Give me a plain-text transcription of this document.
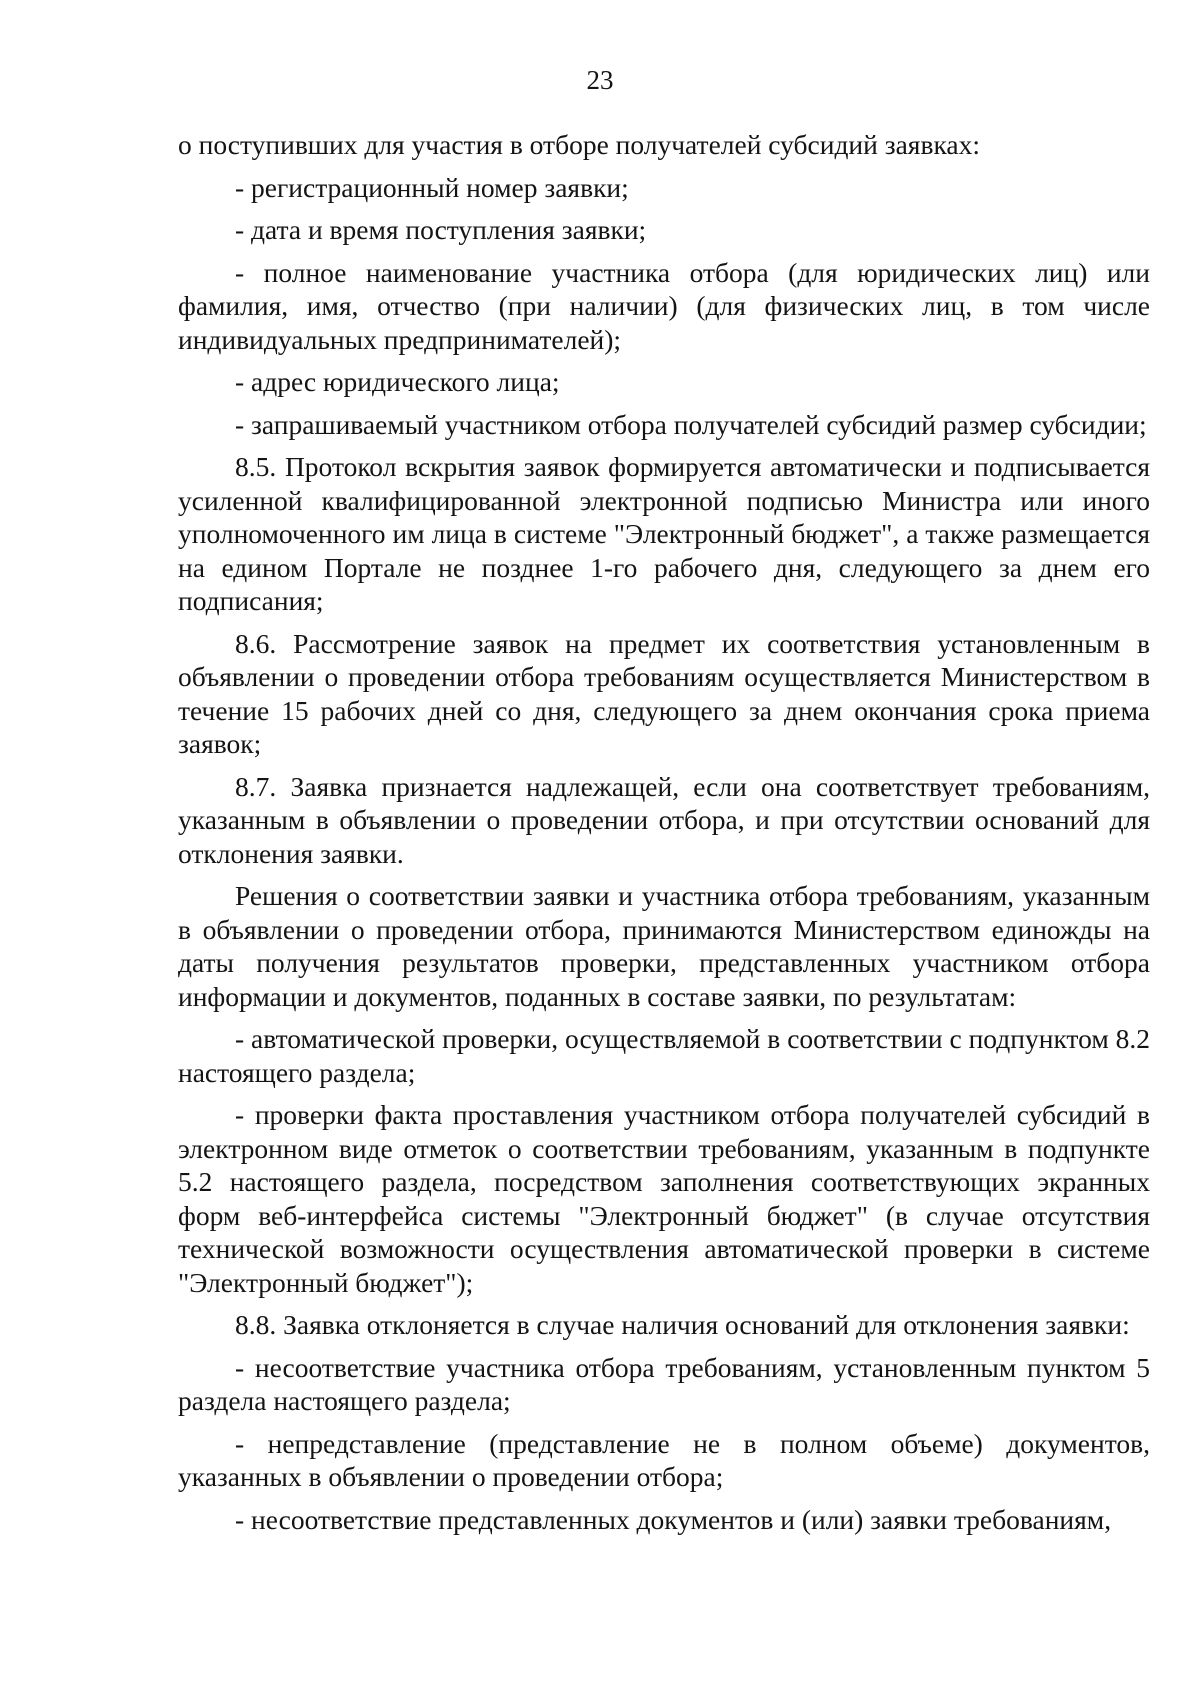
23

о поступивших для участия в отборе получателей субсидий заявках:

- регистрационный номер заявки;

- дата и время поступления заявки;

- полное наименование участника отбора (для юридических лиц) или фамилия, имя, отчество (при наличии) (для физических лиц, в том числе индивидуальных предпринимателей);

- адрес юридического лица;

- запрашиваемый участником отбора получателей субсидий размер субсидии;

8.5. Протокол вскрытия заявок формируется автоматически и подписывается усиленной квалифицированной электронной подписью Министра или иного уполномоченного им лица в системе "Электронный бюджет", а также размещается на едином Портале не позднее 1-го рабочего дня, следующего за днем его подписания;

8.6. Рассмотрение заявок на предмет их соответствия установленным в объявлении о проведении отбора требованиям осуществляется Министерством в течение 15 рабочих дней со дня, следующего за днем окончания срока приема заявок;

8.7. Заявка признается надлежащей, если она соответствует требованиям, указанным в объявлении о проведении отбора, и при отсутствии оснований для отклонения заявки.

Решения о соответствии заявки и участника отбора требованиям, указанным в объявлении о проведении отбора, принимаются Министерством единожды на даты получения результатов проверки, представленных участником отбора информации и документов, поданных в составе заявки, по результатам:

- автоматической проверки, осуществляемой в соответствии с подпунктом 8.2 настоящего раздела;

- проверки факта проставления участником отбора получателей субсидий в электронном виде отметок о соответствии требованиям, указанным в подпункте 5.2 настоящего раздела, посредством заполнения соответствующих экранных форм веб-интерфейса системы "Электронный бюджет" (в случае отсутствия технической возможности осуществления автоматической проверки в системе "Электронный бюджет");

8.8. Заявка отклоняется в случае наличия оснований для отклонения заявки:

- несоответствие участника отбора требованиям, установленным пунктом 5 раздела настоящего раздела;

- непредставление (представление не в полном объеме) документов, указанных в объявлении о проведении отбора;

- несоответствие представленных документов и (или) заявки требованиям,
